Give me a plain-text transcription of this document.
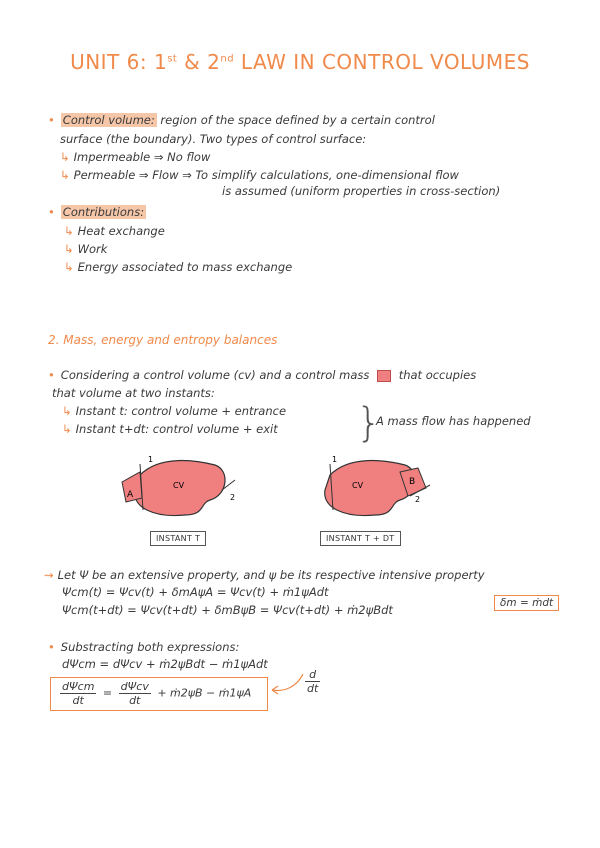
UNIT 6: 1st & 2nd LAW IN CONTROL VOLUMES
• Control volume: region of the space defined by a certain control
surface (the boundary). Two types of control surface:
↳ Impermeable ⇒ No flow
↳ Permeable ⇒ Flow ⇒ To simplify calculations, one-dimensional flow
is assumed (uniform properties in cross-section)
• Contributions:
↳ Heat exchange
↳ Work
↳ Energy associated to mass exchange
2. Mass, energy and entropy balances
• Considering a control volume (cv) and a control mass	that occupies
that volume at two instants:
↳ Instant t: control volume + entrance
↳ Instant t+dt: control volume + exit }
A mass flow has happened
A
CV
1
2
INSTANT T
B
CV
1
2
INSTANT T + DT
⇝ Let Ψ be an extensive property, and ψ be its respective intensive property
Ψcm(t) = Ψcv(t) + δmAψA = Ψcv(t) + ṁ1ψAdt
Ψcm(t+dt) = Ψcv(t+dt) + δmBψB = Ψcv(t+dt) + ṁ2ψBdt	δm = ṁdt
• Substracting both expressions:
dΨcm = dΨcv + ṁ2ψBdt − ṁ1ψAdt
$\frac{d}{dt}$
$\frac{\text{dΨcm}}{dt} = \frac{\text{dΨcv}}{dt}$ + ṁ2ψB − ṁ1ψA
